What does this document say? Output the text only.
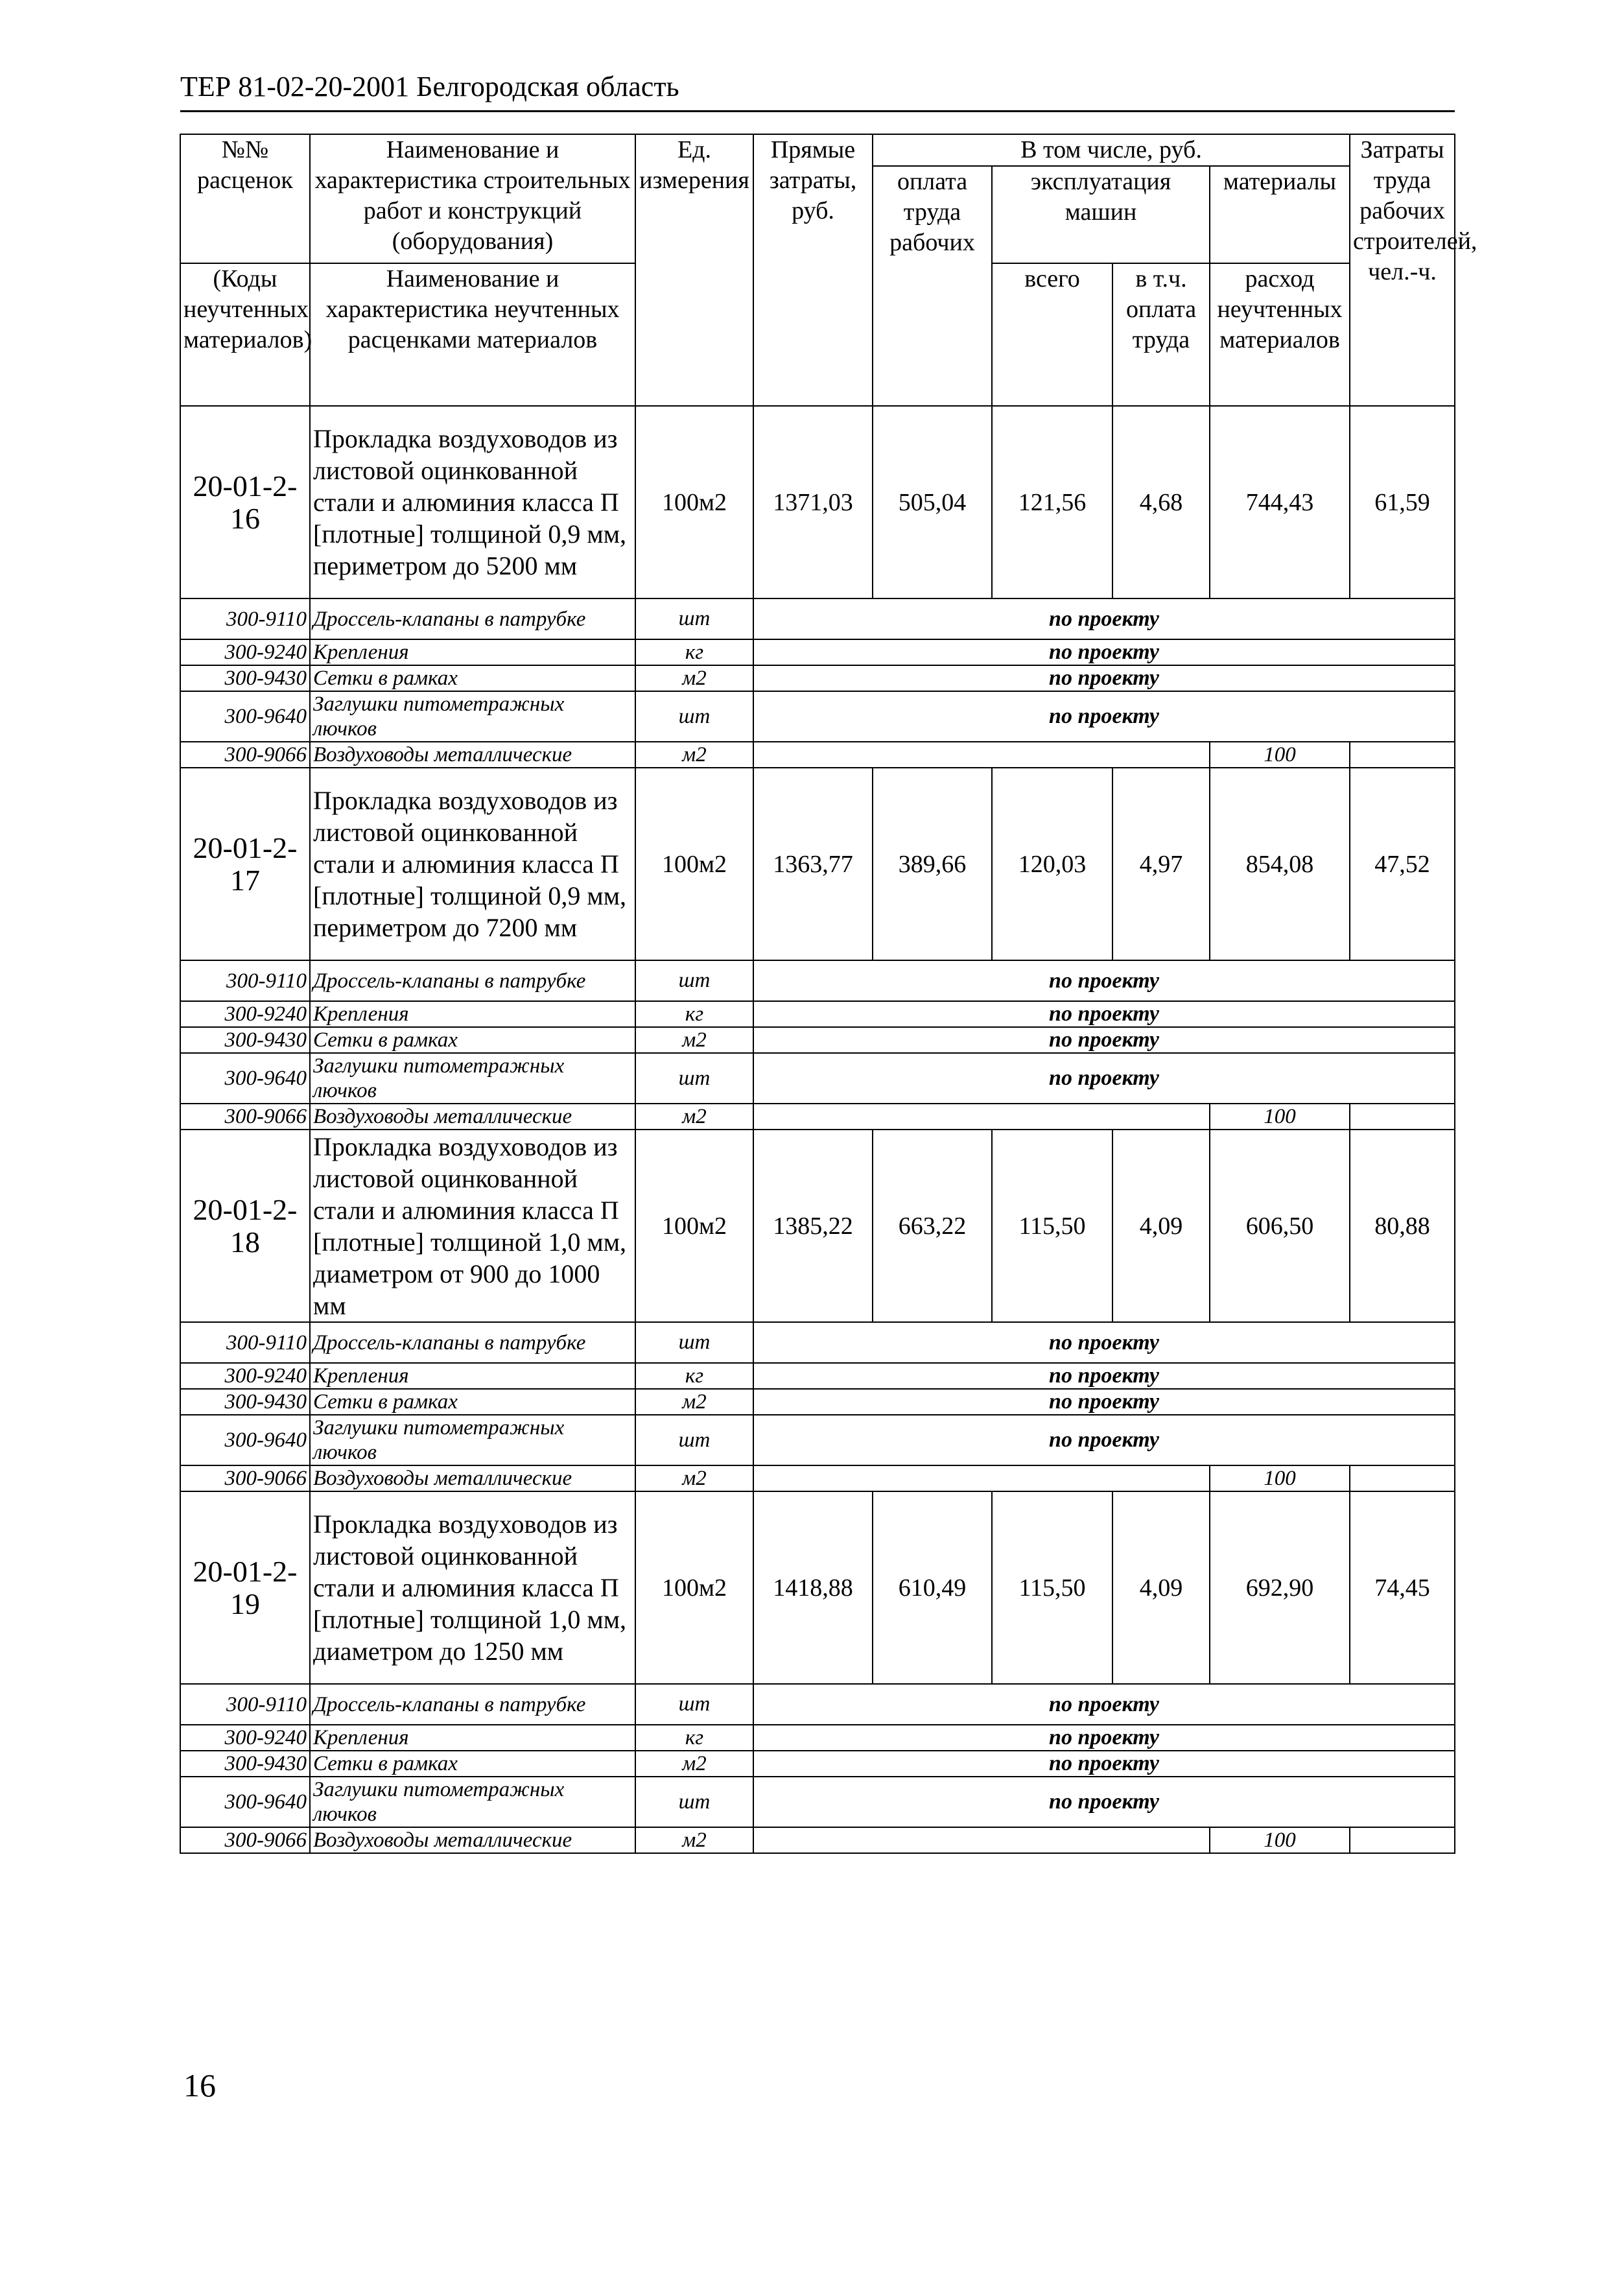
ТЕР 81-02-20-2001 Белгородская область
№№ расценок	Наименование и характеристика строительных работ и конструкций (оборудования)	Ед. измерения	Прямые затраты, руб.	В том числе, руб.				Затраты труда рабочих строителей, чел.-ч.
				оплата труда рабочих	эксплуатация машин		материалы	
(Коды неучтенных материалов)	Наименование и характеристика неучтенных расценками материалов				всего	в т.ч. оплата труда	расход неучтенных материалов	

20-01-2-16	Прокладка воздуховодов из листовой оцинкованной стали и алюминия класса П [плотные] толщиной 0,9 мм, периметром до 5200 мм	100м2	1371,03	505,04	121,56	4,68	744,43	61,59
300-9110	Дроссель-клапаны в патрубке	шт	по проекту					
300-9240	Крепления	кг	по проекту					
300-9430	Сетки в рамках	м2	по проекту					
300-9640	Заглушки питометражных лючков	шт	по проекту					
300-9066	Воздуховоды металлические	м2					100	
20-01-2-17	Прокладка воздуховодов из листовой оцинкованной стали и алюминия класса П [плотные] толщиной 0,9 мм, периметром до 7200 мм	100м2	1363,77	389,66	120,03	4,97	854,08	47,52
300-9110	Дроссель-клапаны в патрубке	шт	по проекту					
300-9240	Крепления	кг	по проекту					
300-9430	Сетки в рамках	м2	по проекту					
300-9640	Заглушки питометражных лючков	шт	по проекту					
300-9066	Воздуховоды металлические	м2					100	
20-01-2-18	Прокладка воздуховодов из листовой оцинкованной стали и алюминия класса П [плотные] толщиной 1,0 мм, диаметром от 900 до 1000 мм	100м2	1385,22	663,22	115,50	4,09	606,50	80,88
300-9110	Дроссель-клапаны в патрубке	шт	по проекту					
300-9240	Крепления	кг	по проекту					
300-9430	Сетки в рамках	м2	по проекту					
300-9640	Заглушки питометражных лючков	шт	по проекту					
300-9066	Воздуховоды металлические	м2					100	
20-01-2-19	Прокладка воздуховодов из листовой оцинкованной стали и алюминия класса П [плотные] толщиной 1,0 мм, диаметром до 1250 мм	100м2	1418,88	610,49	115,50	4,09	692,90	74,45
300-9110	Дроссель-клапаны в патрубке	шт	по проекту					
300-9240	Крепления	кг	по проекту					
300-9430	Сетки в рамках	м2	по проекту					
300-9640	Заглушки питометражных лючков	шт	по проекту					
300-9066	Воздуховоды металлические	м2					100	
16
